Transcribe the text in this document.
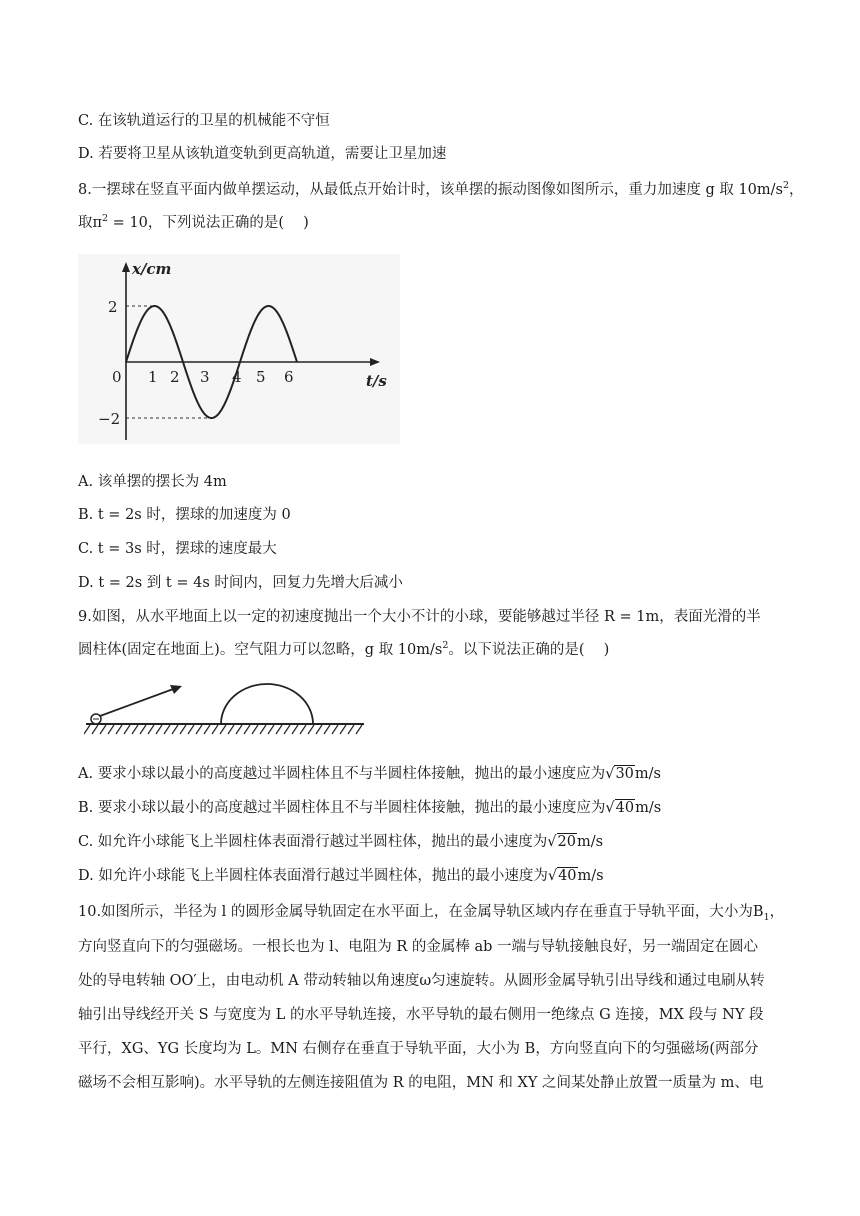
C. 在该轨道运行的卫星的机械能不守恒
D. 若要将卫星从该轨道变轨到更高轨道，需要让卫星加速
8.一摆球在竖直平面内做单摆运动，从最低点开始计时，该单摆的振动图像如图所示，重力加速度 g 取 $10m/s^2$，
取$\pi^2 = 10$，下列说法正确的是(　 )
x/cm
t/s
0
2
−2
1 2 3 4 5 6
A. 该单摆的摆长为 4m
B. t = 2s 时，摆球的加速度为 0
C. t = 3s 时，摆球的速度最大
D. t = 2s 到 t = 4s 时间内，回复力先增大后减小
9.如图，从水平地面上以一定的初速度抛出一个大小不计的小球，要能够越过半径 R = 1m，表面光滑的半
圆柱体(固定在地面上)。空气阻力可以忽略，g 取 $10m/s^2$。以下说法正确的是(　 )
A. 要求小球以最小的高度越过半圆柱体且不与半圆柱体接触，抛出的最小速度应为√30m/s
B. 要求小球以最小的高度越过半圆柱体且不与半圆柱体接触，抛出的最小速度应为√40m/s
C. 如允许小球能飞上半圆柱体表面滑行越过半圆柱体，抛出的最小速度为√20m/s
D. 如允许小球能飞上半圆柱体表面滑行越过半圆柱体，抛出的最小速度为√40m/s
10.如图所示，半径为 l 的圆形金属导轨固定在水平面上，在金属导轨区域内存在垂直于导轨平面，大小为$B_1$，
方向竖直向下的匀强磁场。一根长也为 l、电阻为 R 的金属棒 ab 一端与导轨接触良好，另一端固定在圆心
处的导电转轴 OO′上，由电动机 A 带动转轴以角速度ω匀速旋转。从圆形金属导轨引出导线和通过电刷从转
轴引出导线经开关 S 与宽度为 L 的水平导轨连接，水平导轨的最右侧用一绝缘点 G 连接，MX 段与 NY 段
平行，XG、YG 长度均为 L。MN 右侧存在垂直于导轨平面，大小为 B，方向竖直向下的匀强磁场(两部分
磁场不会相互影响)。水平导轨的左侧连接阻值为 R 的电阻，MN 和 XY 之间某处静止放置一质量为 m、电
